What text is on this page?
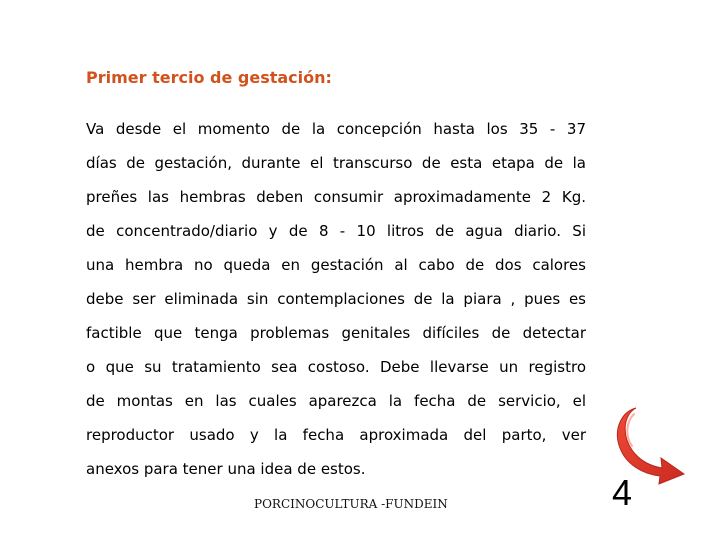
Primer tercio de gestación:
Va desde el momento de la concepción hasta los 35 - 37
días de gestación, durante el transcurso de esta etapa de la
preñes las hembras deben consumir aproximadamente 2 Kg.
de concentrado/diario y de 8 - 10 litros de agua diario. Si
una hembra no queda en gestación al cabo de dos calores
debe ser eliminada sin contemplaciones de la piara , pues es
factible que tenga problemas genitales difíciles de detectar
o que su tratamiento sea costoso. Debe llevarse un registro
de montas en las cuales aparezca la fecha de servicio, el
reproductor usado y la fecha aproximada del parto, ver
anexos para tener una idea de estos.
PORCINOCULTURA -FUNDEIN	4
